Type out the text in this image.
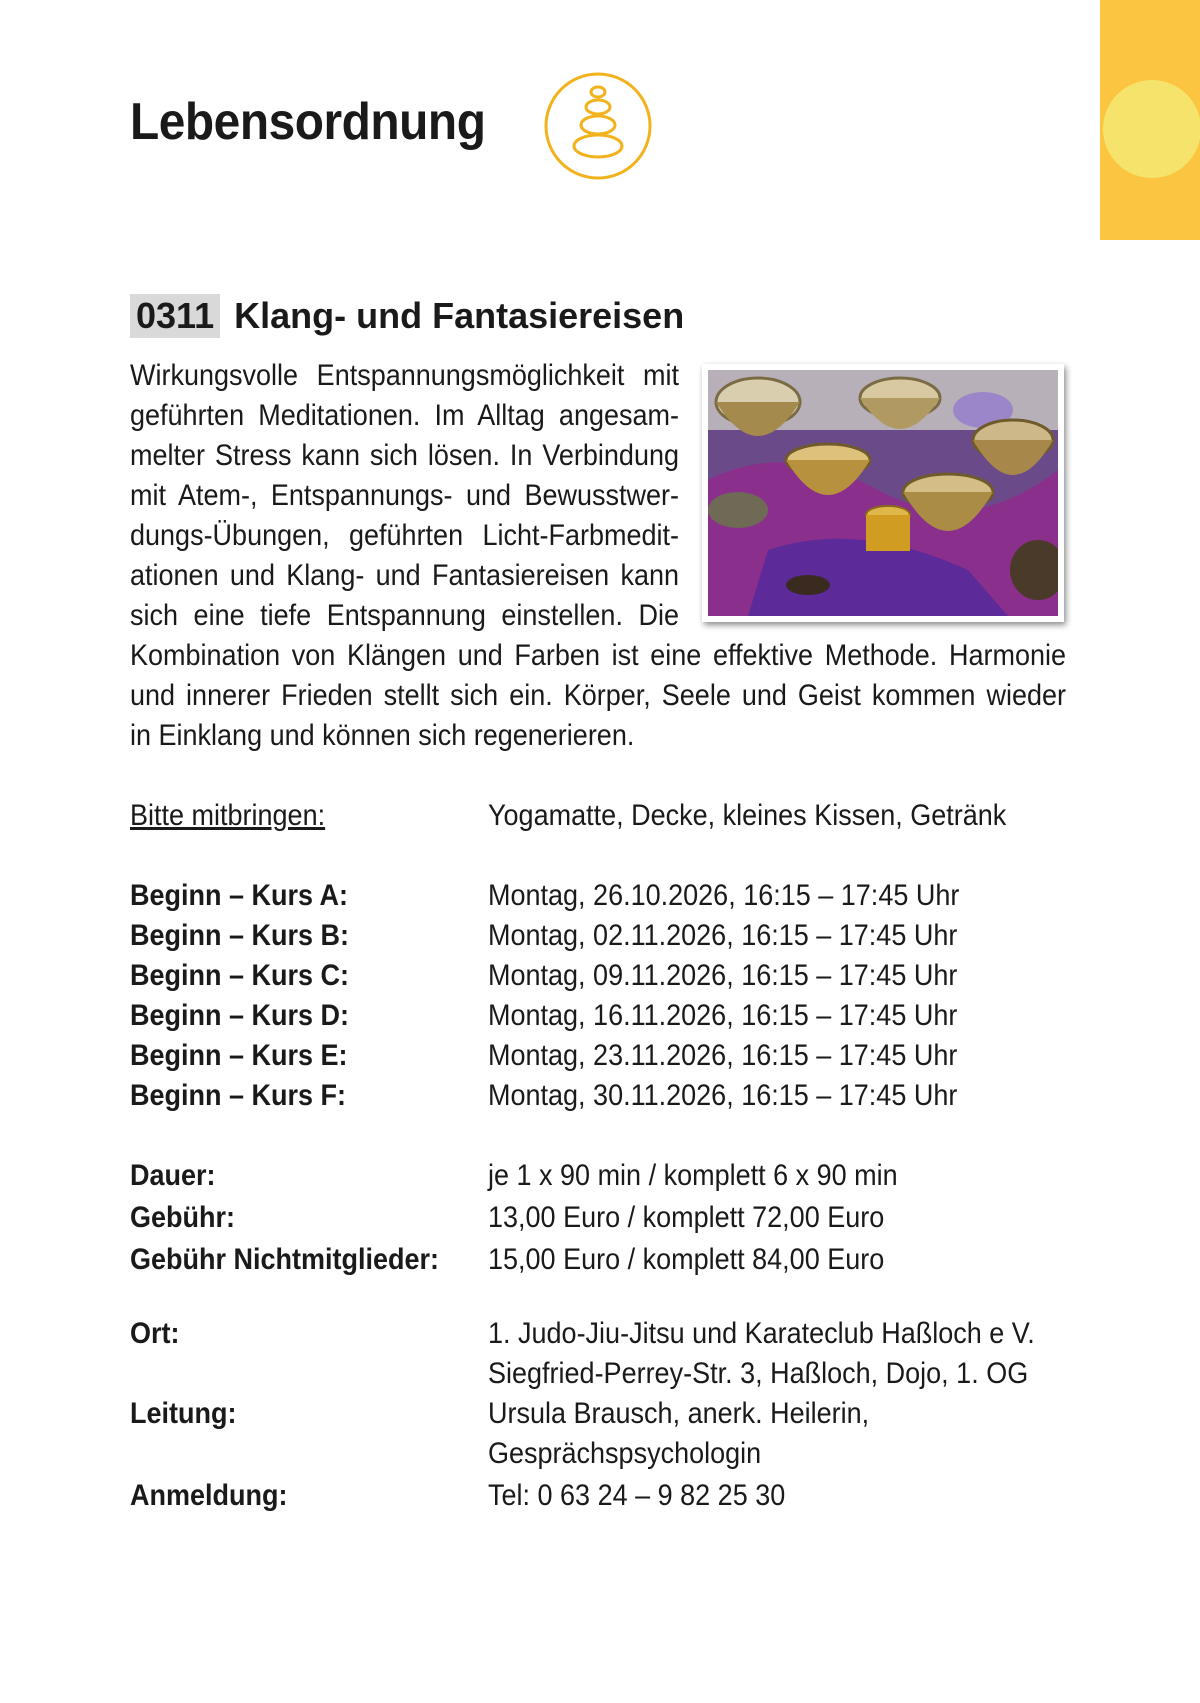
Lebensordnung
0311 Klang- und Fantasiereisen
Wirkungsvolle Entspannungsmöglichkeit mit
geführten Meditationen. Im Alltag angesam-
melter Stress kann sich lösen. In Verbindung
mit Atem-, Entspannungs- und Bewusstwer-
dungs-Übungen, geführten Licht-Farbmedit-
ationen und Klang- und Fantasiereisen kann
sich eine tiefe Entspannung einstellen. Die
Kombination von Klängen und Farben ist eine effektive Methode. Harmonie
und innerer Frieden stellt sich ein. Körper, Seele und Geist kommen wieder
in Einklang und können sich regenerieren.
Bitte mitbringen:	Yogamatte, Decke, kleines Kissen, Getränk
Beginn – Kurs A:	Montag, 26.10.2026, 16:15 – 17:45 Uhr
Beginn – Kurs B:	Montag, 02.11.2026, 16:15 – 17:45 Uhr
Beginn – Kurs C:	Montag, 09.11.2026, 16:15 – 17:45 Uhr
Beginn – Kurs D:	Montag, 16.11.2026, 16:15 – 17:45 Uhr
Beginn – Kurs E:	Montag, 23.11.2026, 16:15 – 17:45 Uhr
Beginn – Kurs F:	Montag, 30.11.2026, 16:15 – 17:45 Uhr
Dauer:	je 1 x 90 min / komplett 6 x 90 min
Gebühr:	13,00 Euro / komplett 72,00 Euro
Gebühr Nichtmitglieder: 15,00 Euro / komplett 84,00 Euro
Ort:	1. Judo-Jiu-Jitsu und Karateclub Haßloch e V.
Siegfried-Perrey-Str. 3, Haßloch, Dojo, 1. OG
Leitung:	Ursula Brausch, anerk. Heilerin,
Gesprächspsychologin
Anmeldung:	Tel: 0 63 24 – 9 82 25 30
